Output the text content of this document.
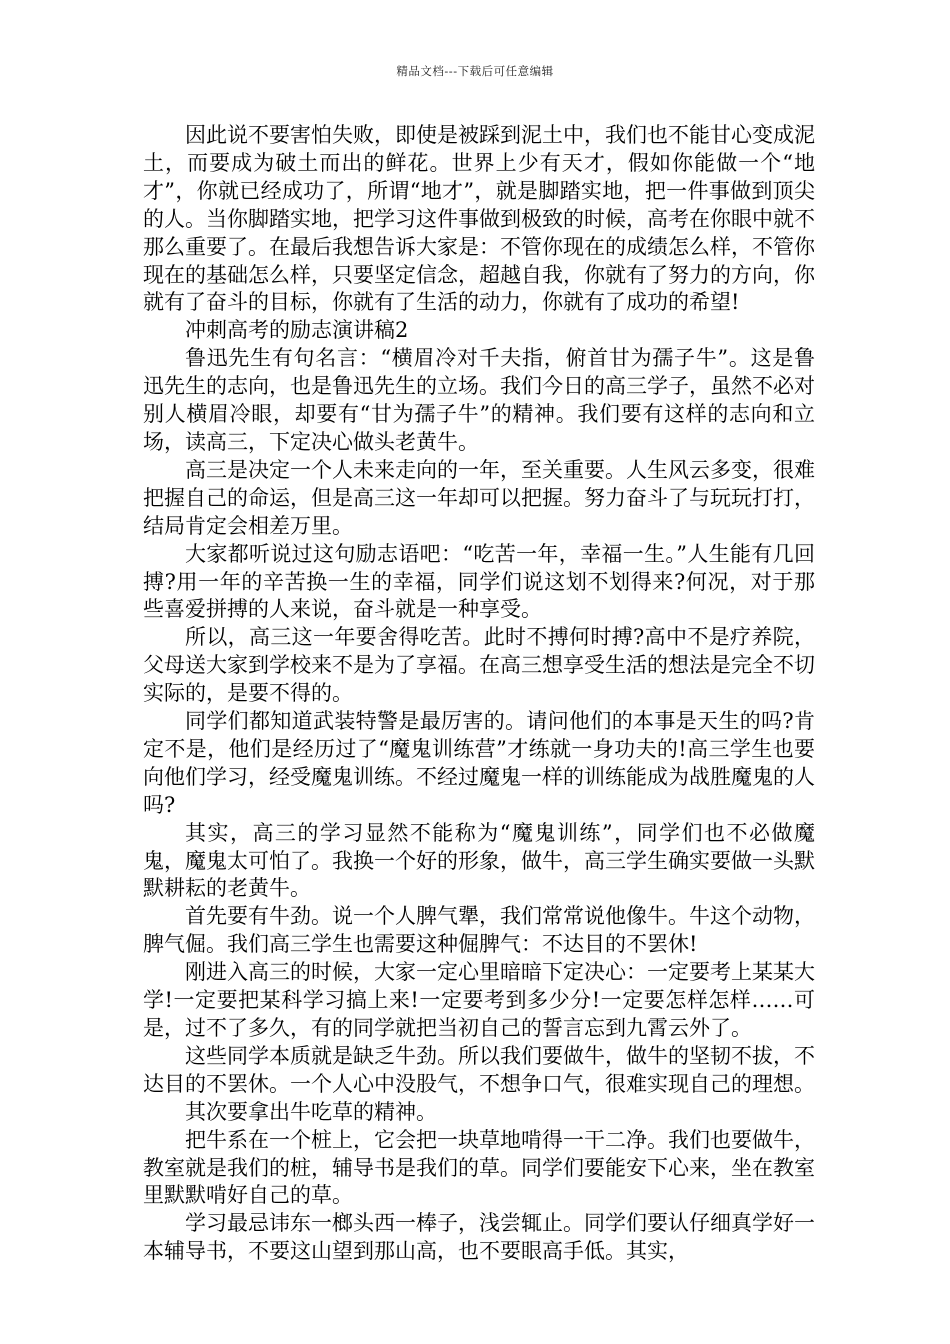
精品文档---下载后可任意编辑

因此说不要害怕失败，即使是被踩到泥土中，我们也不能甘心变成泥土，而要成为破土而出的鲜花。世界上少有天才，假如你能做一个“地才”，你就已经成功了，所谓“地才”，就是脚踏实地，把一件事做到顶尖的人。当你脚踏实地，把学习这件事做到极致的时候，高考在你眼中就不那么重要了。在最后我想告诉大家是：不管你现在的成绩怎么样，不管你现在的基础怎么样，只要坚定信念，超越自我，你就有了努力的方向，你就有了奋斗的目标，你就有了生活的动力，你就有了成功的希望!

冲刺高考的励志演讲稿2

鲁迅先生有句名言：“横眉冷对千夫指，俯首甘为孺子牛”。这是鲁迅先生的志向，也是鲁迅先生的立场。我们今日的高三学子，虽然不必对别人横眉冷眼，却要有“甘为孺子牛”的精神。我们要有这样的志向和立场，读高三，下定决心做头老黄牛。

高三是决定一个人未来走向的一年，至关重要。人生风云多变，很难把握自己的命运，但是高三这一年却可以把握。努力奋斗了与玩玩打打，结局肯定会相差万里。

大家都听说过这句励志语吧：“吃苦一年，幸福一生。”人生能有几回搏?用一年的辛苦换一生的幸福，同学们说这划不划得来?何况，对于那些喜爱拼搏的人来说，奋斗就是一种享受。

所以，高三这一年要舍得吃苦。此时不搏何时搏?高中不是疗养院，父母送大家到学校来不是为了享福。在高三想享受生活的想法是完全不切实际的，是要不得的。

同学们都知道武装特警是最厉害的。请问他们的本事是天生的吗?肯定不是，他们是经历过了“魔鬼训练营”才练就一身功夫的!高三学生也要向他们学习，经受魔鬼训练。不经过魔鬼一样的训练能成为战胜魔鬼的人吗?

其实，高三的学习显然不能称为“魔鬼训练”，同学们也不必做魔鬼，魔鬼太可怕了。我换一个好的形象，做牛，高三学生确实要做一头默默耕耘的老黄牛。

首先要有牛劲。说一个人脾气犟，我们常常说他像牛。牛这个动物，脾气倔。我们高三学生也需要这种倔脾气：不达目的不罢休!

刚进入高三的时候，大家一定心里暗暗下定决心：一定要考上某某大学!一定要把某科学习搞上来!一定要考到多少分!一定要怎样怎样……可是，过不了多久，有的同学就把当初自己的誓言忘到九霄云外了。

这些同学本质就是缺乏牛劲。所以我们要做牛，做牛的坚韧不拔，不达目的不罢休。一个人心中没股气，不想争口气，很难实现自己的理想。

其次要拿出牛吃草的精神。

把牛系在一个桩上，它会把一块草地啃得一干二净。我们也要做牛，教室就是我们的桩，辅导书是我们的草。同学们要能安下心来，坐在教室里默默啃好自己的草。

学习最忌讳东一榔头西一棒子，浅尝辄止。同学们要认仔细真学好一本辅导书，不要这山望到那山高，也不要眼高手低。其实，
